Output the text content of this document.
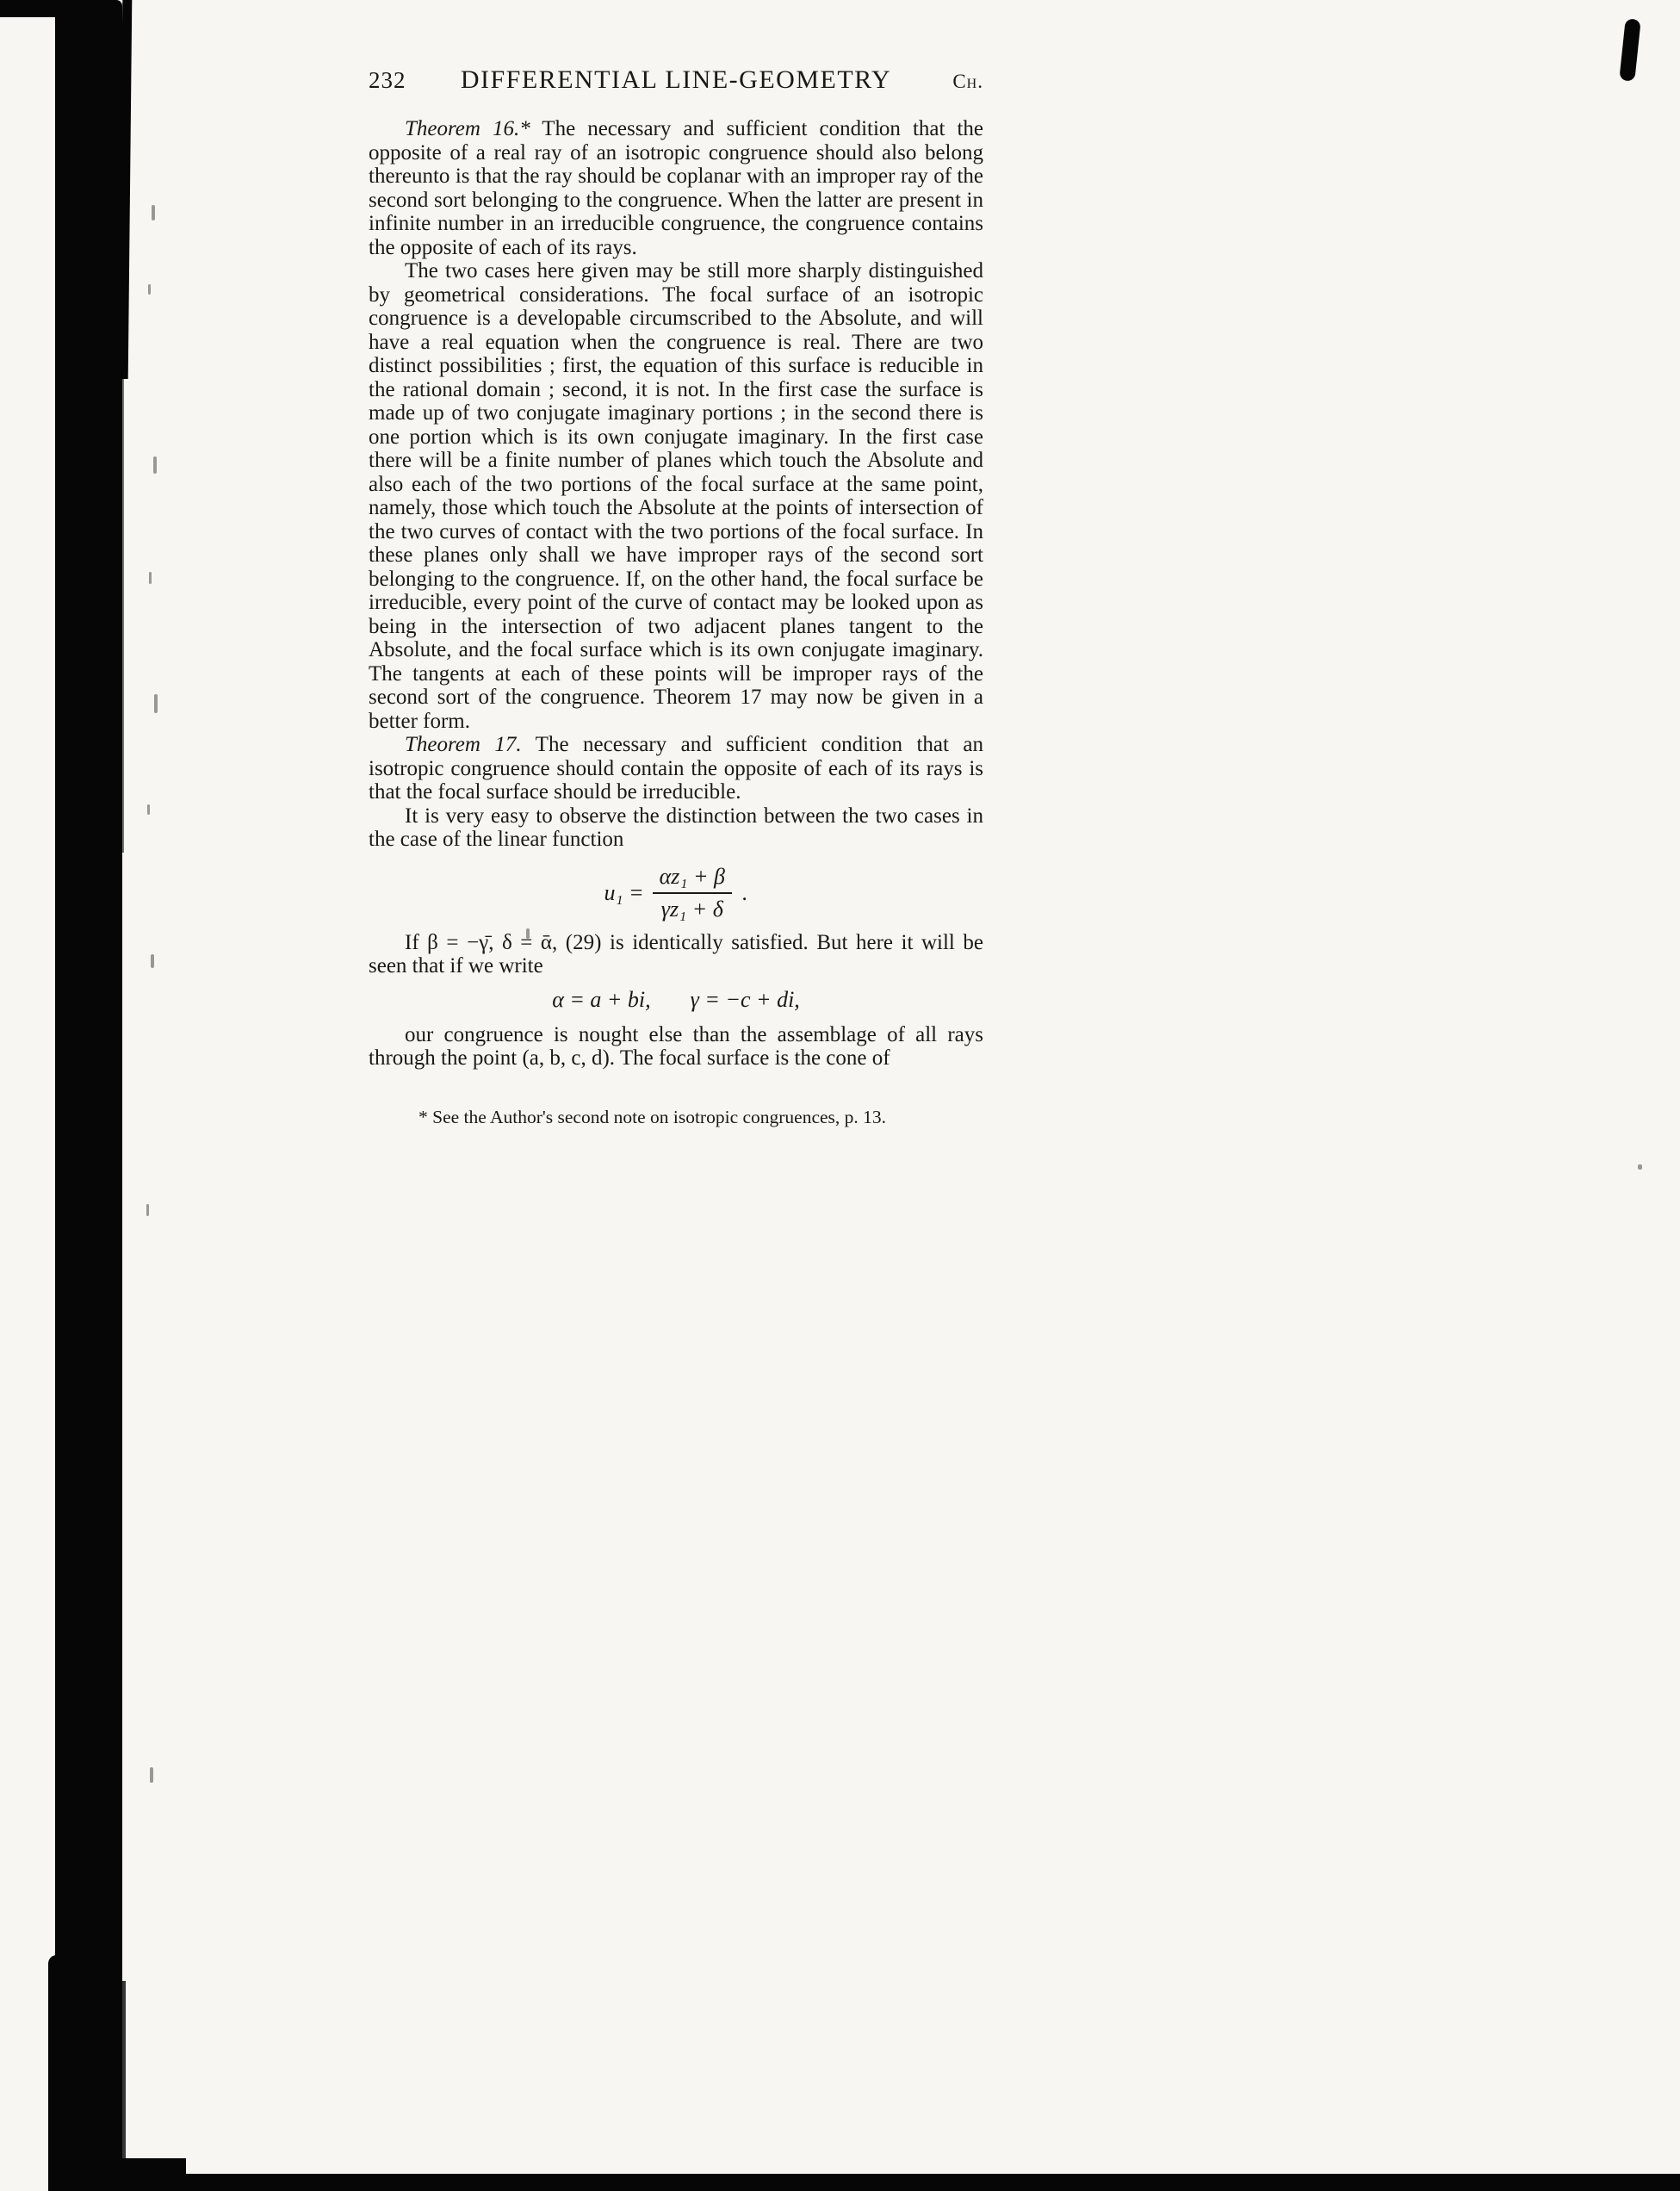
232	DIFFERENTIAL LINE-GEOMETRY	Ch.

Theorem 16.* The necessary and sufficient condition that the opposite of a real ray of an isotropic congruence should also belong thereunto is that the ray should be coplanar with an improper ray of the second sort belonging to the congruence. When the latter are present in infinite number in an irreducible congruence, the congruence contains the opposite of each of its rays.

The two cases here given may be still more sharply distinguished by geometrical considerations. The focal surface of an isotropic congruence is a developable circumscribed to the Absolute, and will have a real equation when the congruence is real. There are two distinct possibilities ; first, the equation of this surface is reducible in the rational domain ; second, it is not. In the first case the surface is made up of two conjugate imaginary portions ; in the second there is one portion which is its own conjugate imaginary. In the first case there will be a finite number of planes which touch the Absolute and also each of the two portions of the focal surface at the same point, namely, those which touch the Absolute at the points of intersection of the two curves of contact with the two portions of the focal surface. In these planes only shall we have improper rays of the second sort belonging to the congruence. If, on the other hand, the focal surface be irreducible, every point of the curve of contact may be looked upon as being in the intersection of two adjacent planes tangent to the Absolute, and the focal surface which is its own conjugate imaginary. The tangents at each of these points will be improper rays of the second sort of the congruence. Theorem 17 may now be given in a better form.

Theorem 17. The necessary and sufficient condition that an isotropic congruence should contain the opposite of each of its rays is that the focal surface should be irreducible.

It is very easy to observe the distinction between the two cases in the case of the linear function

$u_1 = \frac{\text{αz₁ + β}}{\text{γz₁ + δ}}$ .

If β = −γ̄, δ = ᾱ, (29) is identically satisfied. But here it will be seen that if we write

α = a + bi, γ = −c + di,

our congruence is nought else than the assemblage of all rays through the point (a, b, c, d). The focal surface is the cone of

* See the Author's second note on isotropic congruences, p. 13.
